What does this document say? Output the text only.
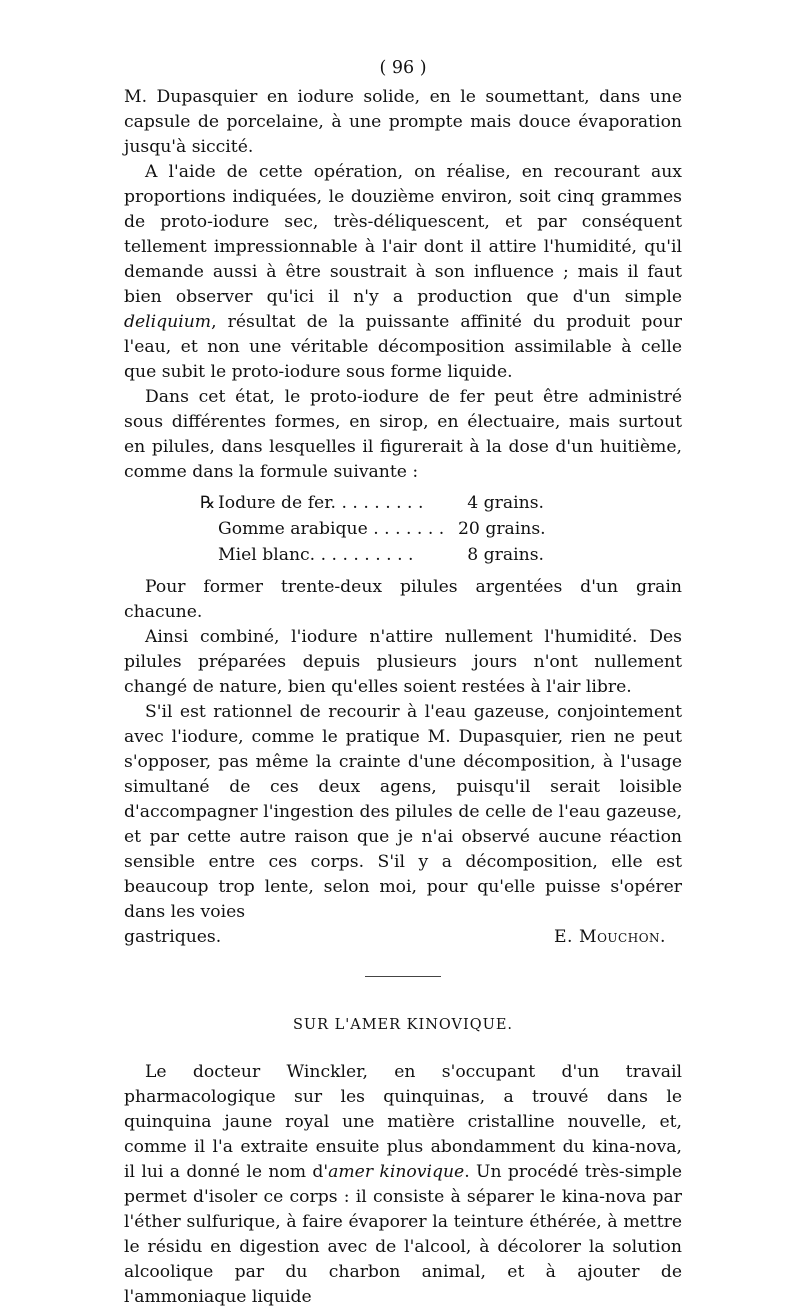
( 96 )

M. Dupasquier en iodure solide, en le soumettant, dans une capsule de porcelaine, à une prompte mais douce évaporation jusqu'à siccité.

A l'aide de cette opération, on réalise, en recourant aux proportions indiquées, le douzième environ, soit cinq grammes de proto-iodure sec, très-déliquescent, et par conséquent tellement impressionnable à l'air dont il attire l'humidité, qu'il demande aussi à être soustrait à son influence ; mais il faut bien observer qu'ici il n'y a production que d'un simple deliquium, résultat de la puissante affinité du produit pour l'eau, et non une véritable décomposition assimilable à celle que subit le proto-iodure sous forme liquide.

Dans cet état, le proto-iodure de fer peut être administré sous différentes formes, en sirop, en électuaire, mais surtout en pilules, dans lesquelles il figurerait à la dose d'un huitième, comme dans la formule suivante :

℞ Iodure de fer. . . . . . . . .	4 grains.
Gomme arabique . . . . . . . 20 grains.
Miel blanc. . . . . . . . . .	8 grains.

Pour former trente-deux pilules argentées d'un grain chacune.

Ainsi combiné, l'iodure n'attire nullement l'humidité. Des pilules préparées depuis plusieurs jours n'ont nullement changé de nature, bien qu'elles soient restées à l'air libre.

S'il est rationnel de recourir à l'eau gazeuse, conjointement avec l'iodure, comme le pratique M. Dupasquier, rien ne peut s'opposer, pas même la crainte d'une décomposition, à l'usage simultané de ces deux agens, puisqu'il serait loisible d'accompagner l'ingestion des pilules de celle de l'eau gazeuse, et par cette autre raison que je n'ai observé aucune réaction sensible entre ces corps. S'il y a décomposition, elle est beaucoup trop lente, selon moi, pour qu'elle puisse s'opérer dans les voies

gastriques.	E. Mouchon.
SUR L'AMER KINOVIQUE.

Le docteur Winckler, en s'occupant d'un travail pharmacologique sur les quinquinas, a trouvé dans le quinquina jaune royal une matière cristalline nouvelle, et, comme il l'a extraite ensuite plus abondamment du kina-nova, il lui a donné le nom d'amer kinovique. Un procédé très-simple permet d'isoler ce corps : il consiste à séparer le kina-nova par l'éther sulfurique, à faire évaporer la teinture éthérée, à mettre le résidu en digestion avec de l'alcool, à décolorer la solution alcoolique par du charbon animal, et à ajouter de l'ammoniaque liquide
